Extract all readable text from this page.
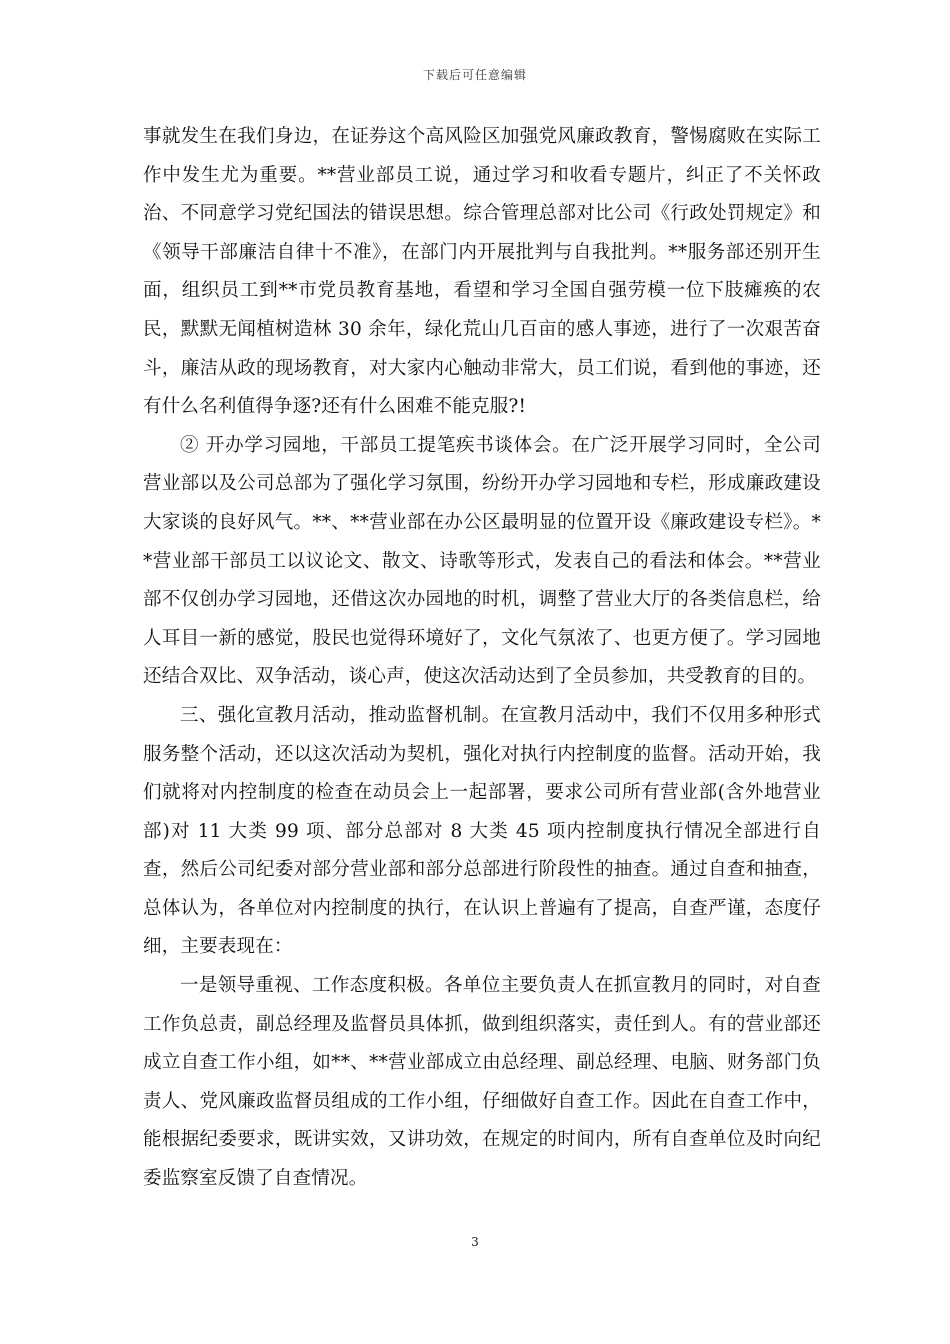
下载后可任意编辑

事就发生在我们身边，在证券这个高风险区加强党风廉政教育，警惕腐败在实际工作中发生尤为重要。**营业部员工说，通过学习和收看专题片，纠正了不关怀政治、不同意学习党纪国法的错误思想。综合管理总部对比公司《行政处罚规定》和《领导干部廉洁自律十不准》，在部门内开展批判与自我批判。**服务部还别开生面，组织员工到**市党员教育基地，看望和学习全国自强劳模一位下肢瘫痪的农民，默默无闻植树造林 30 余年，绿化荒山几百亩的感人事迹，进行了一次艰苦奋斗，廉洁从政的现场教育，对大家内心触动非常大，员工们说，看到他的事迹，还有什么名利值得争逐?还有什么困难不能克服?!

② 开办学习园地，干部员工提笔疾书谈体会。在广泛开展学习同时，全公司营业部以及公司总部为了强化学习氛围，纷纷开办学习园地和专栏，形成廉政建设大家谈的良好风气。**、**营业部在办公区最明显的位置开设《廉政建设专栏》。**营业部干部员工以议论文、散文、诗歌等形式，发表自己的看法和体会。**营业部不仅创办学习园地，还借这次办园地的时机，调整了营业大厅的各类信息栏，给人耳目一新的感觉，股民也觉得环境好了，文化气氛浓了、也更方便了。学习园地还结合双比、双争活动，谈心声，使这次活动达到了全员参加，共受教育的目的。

三、强化宣教月活动，推动监督机制。在宣教月活动中，我们不仅用多种形式服务整个活动，还以这次活动为契机，强化对执行内控制度的监督。活动开始，我们就将对内控制度的检查在动员会上一起部署，要求公司所有营业部(含外地营业部)对 11 大类 99 项、部分总部对 8 大类 45 项内控制度执行情况全部进行自查，然后公司纪委对部分营业部和部分总部进行阶段性的抽查。通过自查和抽查，总体认为，各单位对内控制度的执行，在认识上普遍有了提高，自查严谨，态度仔细，主要表现在：

一是领导重视、工作态度积极。各单位主要负责人在抓宣教月的同时，对自查工作负总责，副总经理及监督员具体抓，做到组织落实，责任到人。有的营业部还成立自查工作小组，如**、**营业部成立由总经理、副总经理、电脑、财务部门负责人、党风廉政监督员组成的工作小组，仔细做好自查工作。因此在自查工作中，能根据纪委要求，既讲实效，又讲功效，在规定的时间内，所有自查单位及时向纪委监察室反馈了自查情况。

3
